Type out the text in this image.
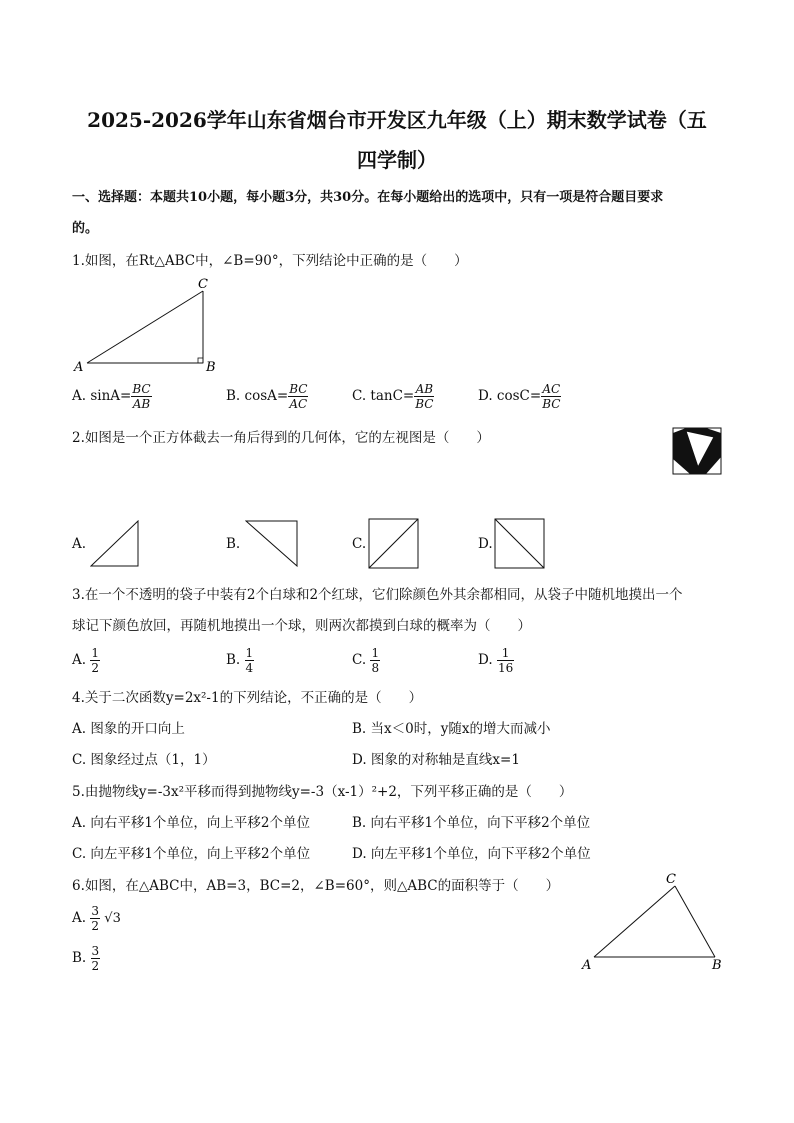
2025-2026学年山东省烟台市开发区九年级（上）期末数学试卷（五
四学制）
一、选择题：本题共10小题，每小题3分，共30分。在每小题给出的选项中，只有一项是符合题目要求
的。
1.如图，在Rt△ABC中，∠B=90°，下列结论中正确的是（　　）
A	B
C
A. $\sin A= \frac{BC}{AB}$	B. $\cos A= \frac{BC}{AC}$	C. $\tan C= \frac{AB}{BC}$	D. $\cos C= \frac{AC}{BC}$
2.如图是一个正方体截去一角后得到的几何体，它的左视图是（　　）
A.	B.	C.	D.
3.在一个不透明的袋子中装有2个白球和2个红球，它们除颜色外其余都相同，从袋子中随机地摸出一个
球记下颜色放回，再随机地摸出一个球，则两次都摸到白球的概率为（　　）
A. $\frac{1}{2}$	B. $\frac{1}{4}$	C. $\frac{1}{8}$	D. $\frac{1}{16}$
4.关于二次函数y=2x²-1的下列结论，不正确的是（　　）
A. 图象的开口向上	B. 当x＜0时，y随x的增大而减小
C. 图象经过点（1，1）	D. 图象的对称轴是直线x=1
5.由抛物线y=-3x²平移而得到抛物线y=-3（x-1）²+2，下列平移正确的是（　　）
A. 向右平移1个单位，向上平移2个单位	B. 向右平移1个单位，向下平移2个单位
C. 向左平移1个单位，向上平移2个单位	D. 向左平移1个单位，向下平移2个单位
6.如图，在△ABC中，AB=3，BC=2，∠B=60°，则△ABC的面积等于（　　）
A. $\frac{3}{2} √3$
B. $\frac{3}{2}$	A	B
C
